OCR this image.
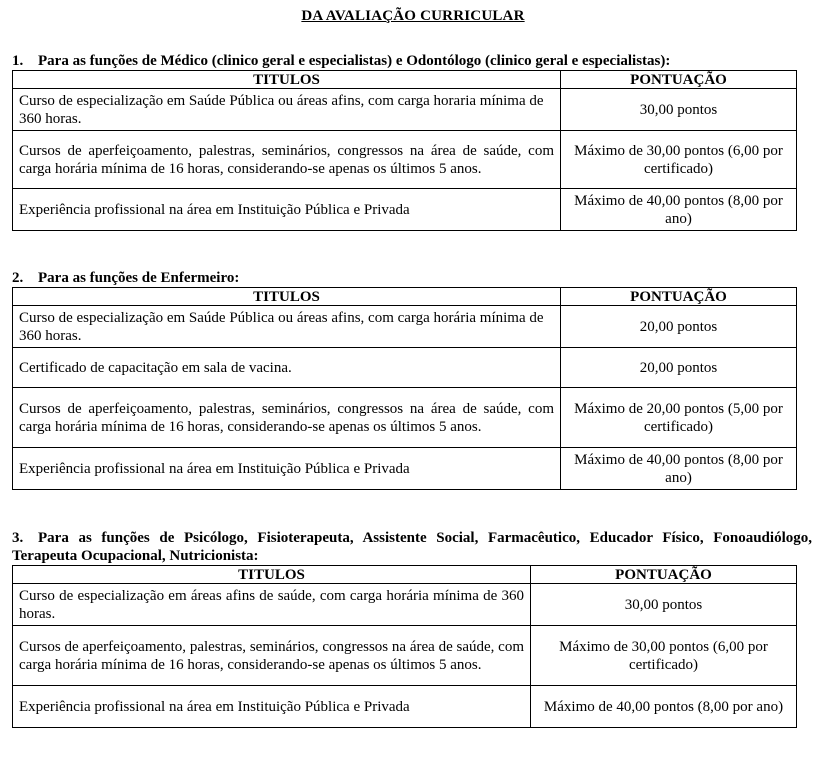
DA AVALIAÇÃO CURRICULAR
1. Para as funções de Médico (clinico geral e especialistas) e Odontólogo (clinico geral e especialistas):
TITULOS	PONTUAÇÃO
Curso de especialização em Saúde Pública ou áreas afins, com carga horaria mínima de 360 horas.	30,00 pontos
Cursos de aperfeiçoamento, palestras, seminários, congressos na área de saúde, com carga horária mínima de 16 horas, considerando-se apenas os últimos 5 anos.	Máximo de 30,00 pontos (6,00 por certificado)
Experiência profissional na área em Instituição Pública e Privada	Máximo de 40,00 pontos (8,00 por ano)
2. Para as funções de Enfermeiro:
TITULOS	PONTUAÇÃO
Curso de especialização em Saúde Pública ou áreas afins, com carga horária mínima de 360 horas.	20,00 pontos
Certificado de capacitação em sala de vacina.	20,00 pontos
Cursos de aperfeiçoamento, palestras, seminários, congressos na área de saúde, com carga horária mínima de 16 horas, considerando-se apenas os últimos 5 anos.	Máximo de 20,00 pontos (5,00 por certificado)
Experiência profissional na área em Instituição Pública e Privada	Máximo de 40,00 pontos (8,00 por ano)
3. Para as funções de Psicólogo, Fisioterapeuta, Assistente Social, Farmacêutico, Educador Físico, Fonoaudiólogo, Terapeuta Ocupacional, Nutricionista:
TITULOS	PONTUAÇÃO
Curso de especialização em áreas afins de saúde, com carga horária mínima de 360 horas.	30,00 pontos
Cursos de aperfeiçoamento, palestras, seminários, congressos na área de saúde, com carga horária mínima de 16 horas, considerando-se apenas os últimos 5 anos.	Máximo de 30,00 pontos (6,00 por certificado)
Experiência profissional na área em Instituição Pública e Privada	Máximo de 40,00 pontos (8,00 por ano)
